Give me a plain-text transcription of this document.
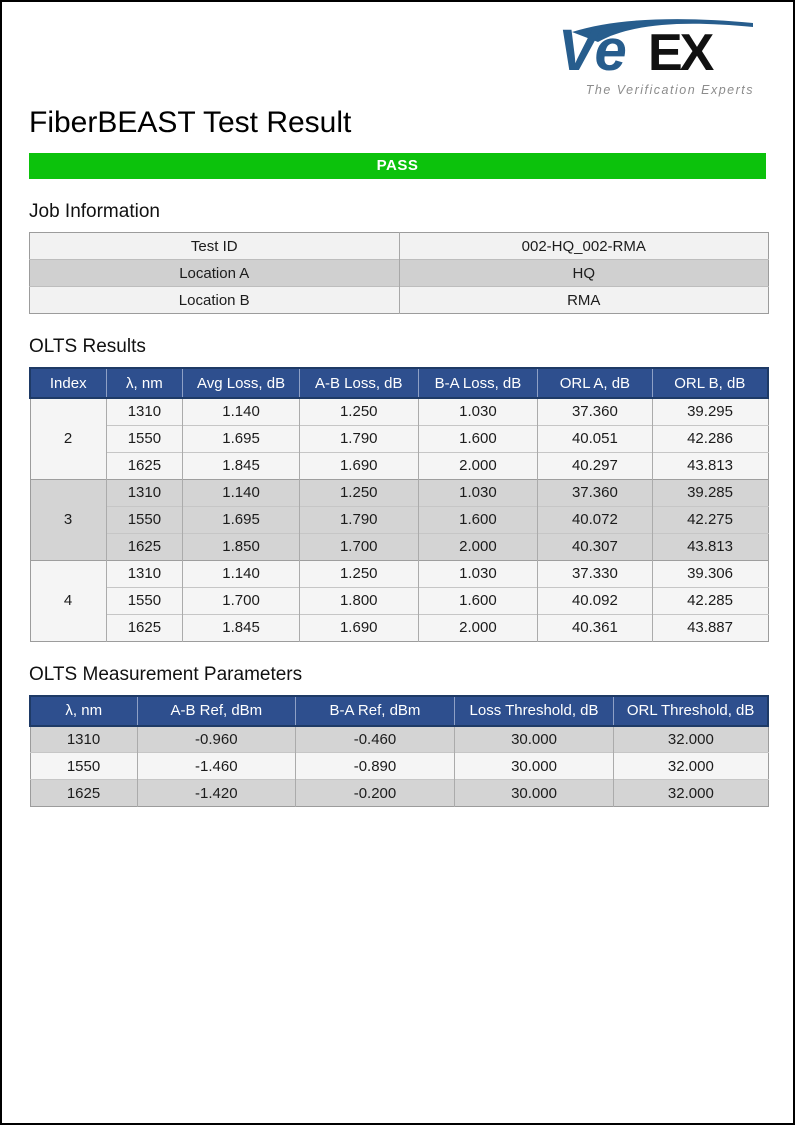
Ve EX
The Verification Experts
FiberBEAST Test Result
PASS
Job Information
Test ID	002-HQ_002-RMA
Location A	HQ
Location B	RMA
OLTS Results
Index	λ, nm	Avg Loss, dB	A-B Loss, dB	B-A Loss, dB	ORL A, dB	ORL B, dB
2	1310	1.140	1.250	1.030	37.360	39.295
	1550	1.695	1.790	1.600	40.051	42.286
	1625	1.845	1.690	2.000	40.297	43.813
3	1310	1.140	1.250	1.030	37.360	39.285
	1550	1.695	1.790	1.600	40.072	42.275
	1625	1.850	1.700	2.000	40.307	43.813
4	1310	1.140	1.250	1.030	37.330	39.306
	1550	1.700	1.800	1.600	40.092	42.285
	1625	1.845	1.690	2.000	40.361	43.887
OLTS Measurement Parameters
λ, nm	A-B Ref, dBm	B-A Ref, dBm	Loss Threshold, dB	ORL Threshold, dB
1310	-0.960	-0.460	30.000	32.000
1550	-1.460	-0.890	30.000	32.000
1625	-1.420	-0.200	30.000	32.000
